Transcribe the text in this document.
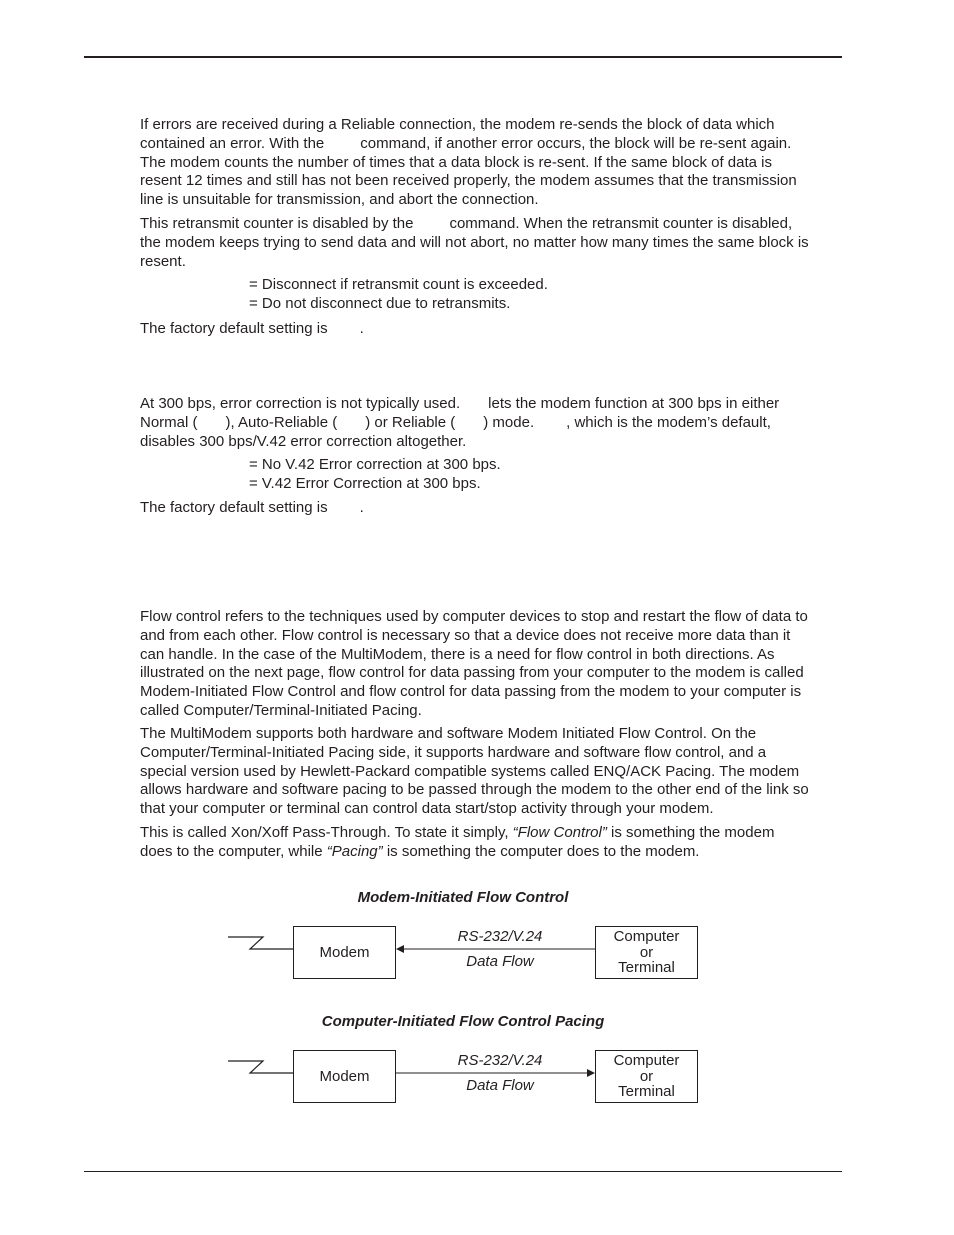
If errors are received during a Reliable connection, the modem re-sends the block of data which
contained an error. With the command, if another error occurs, the block will be re-sent again.
The modem counts the number of times that a data block is re-sent. If the same block of data is
resent 12 times and still has not been received properly, the modem assumes that the transmission
line is unsuitable for transmission, and abort the connection.

This retransmit counter is disabled by the command. When the retransmit counter is disabled,
the modem keeps trying to send data and will not abort, no matter how many times the same block is
resent.

= Disconnect if retransmit count is exceeded.
= Do not disconnect due to retransmits.

The factory default setting is .

At 300 bps, error correction is not typically used. lets the modem function at 300 bps in either
Normal ( ), Auto-Reliable ( ) or Reliable ( ) mode. , which is the modem’s default,
disables 300 bps/V.42 error correction altogether.

= No V.42 Error correction at 300 bps.
= V.42 Error Correction at 300 bps.

The factory default setting is .

Flow control refers to the techniques used by computer devices to stop and restart the flow of data to
and from each other. Flow control is necessary so that a device does not receive more data than it
can handle. In the case of the MultiModem, there is a need for flow control in both directions. As
illustrated on the next page, flow control for data passing from your computer to the modem is called
Modem-Initiated Flow Control and flow control for data passing from the modem to your computer is
called Computer/Terminal-Initiated Pacing.

The MultiModem supports both hardware and software Modem Initiated Flow Control. On the
Computer/Terminal-Initiated Pacing side, it supports hardware and software flow control, and a
special version used by Hewlett-Packard compatible systems called ENQ/ACK Pacing. The modem
allows hardware and software pacing to be passed through the modem to the other end of the link so
that your computer or terminal can control data start/stop activity through your modem.

This is called Xon/Xoff Pass-Through. To state it simply, “Flow Control” is something the modem
does to the computer, while “Pacing” is something the computer does to the modem.

Modem-Initiated Flow Control
Modem
RS-232/V.24
Data Flow
Computer
or
Terminal
Computer-Initiated Flow Control Pacing
Modem
RS-232/V.24
Data Flow
Computer
or
Terminal
